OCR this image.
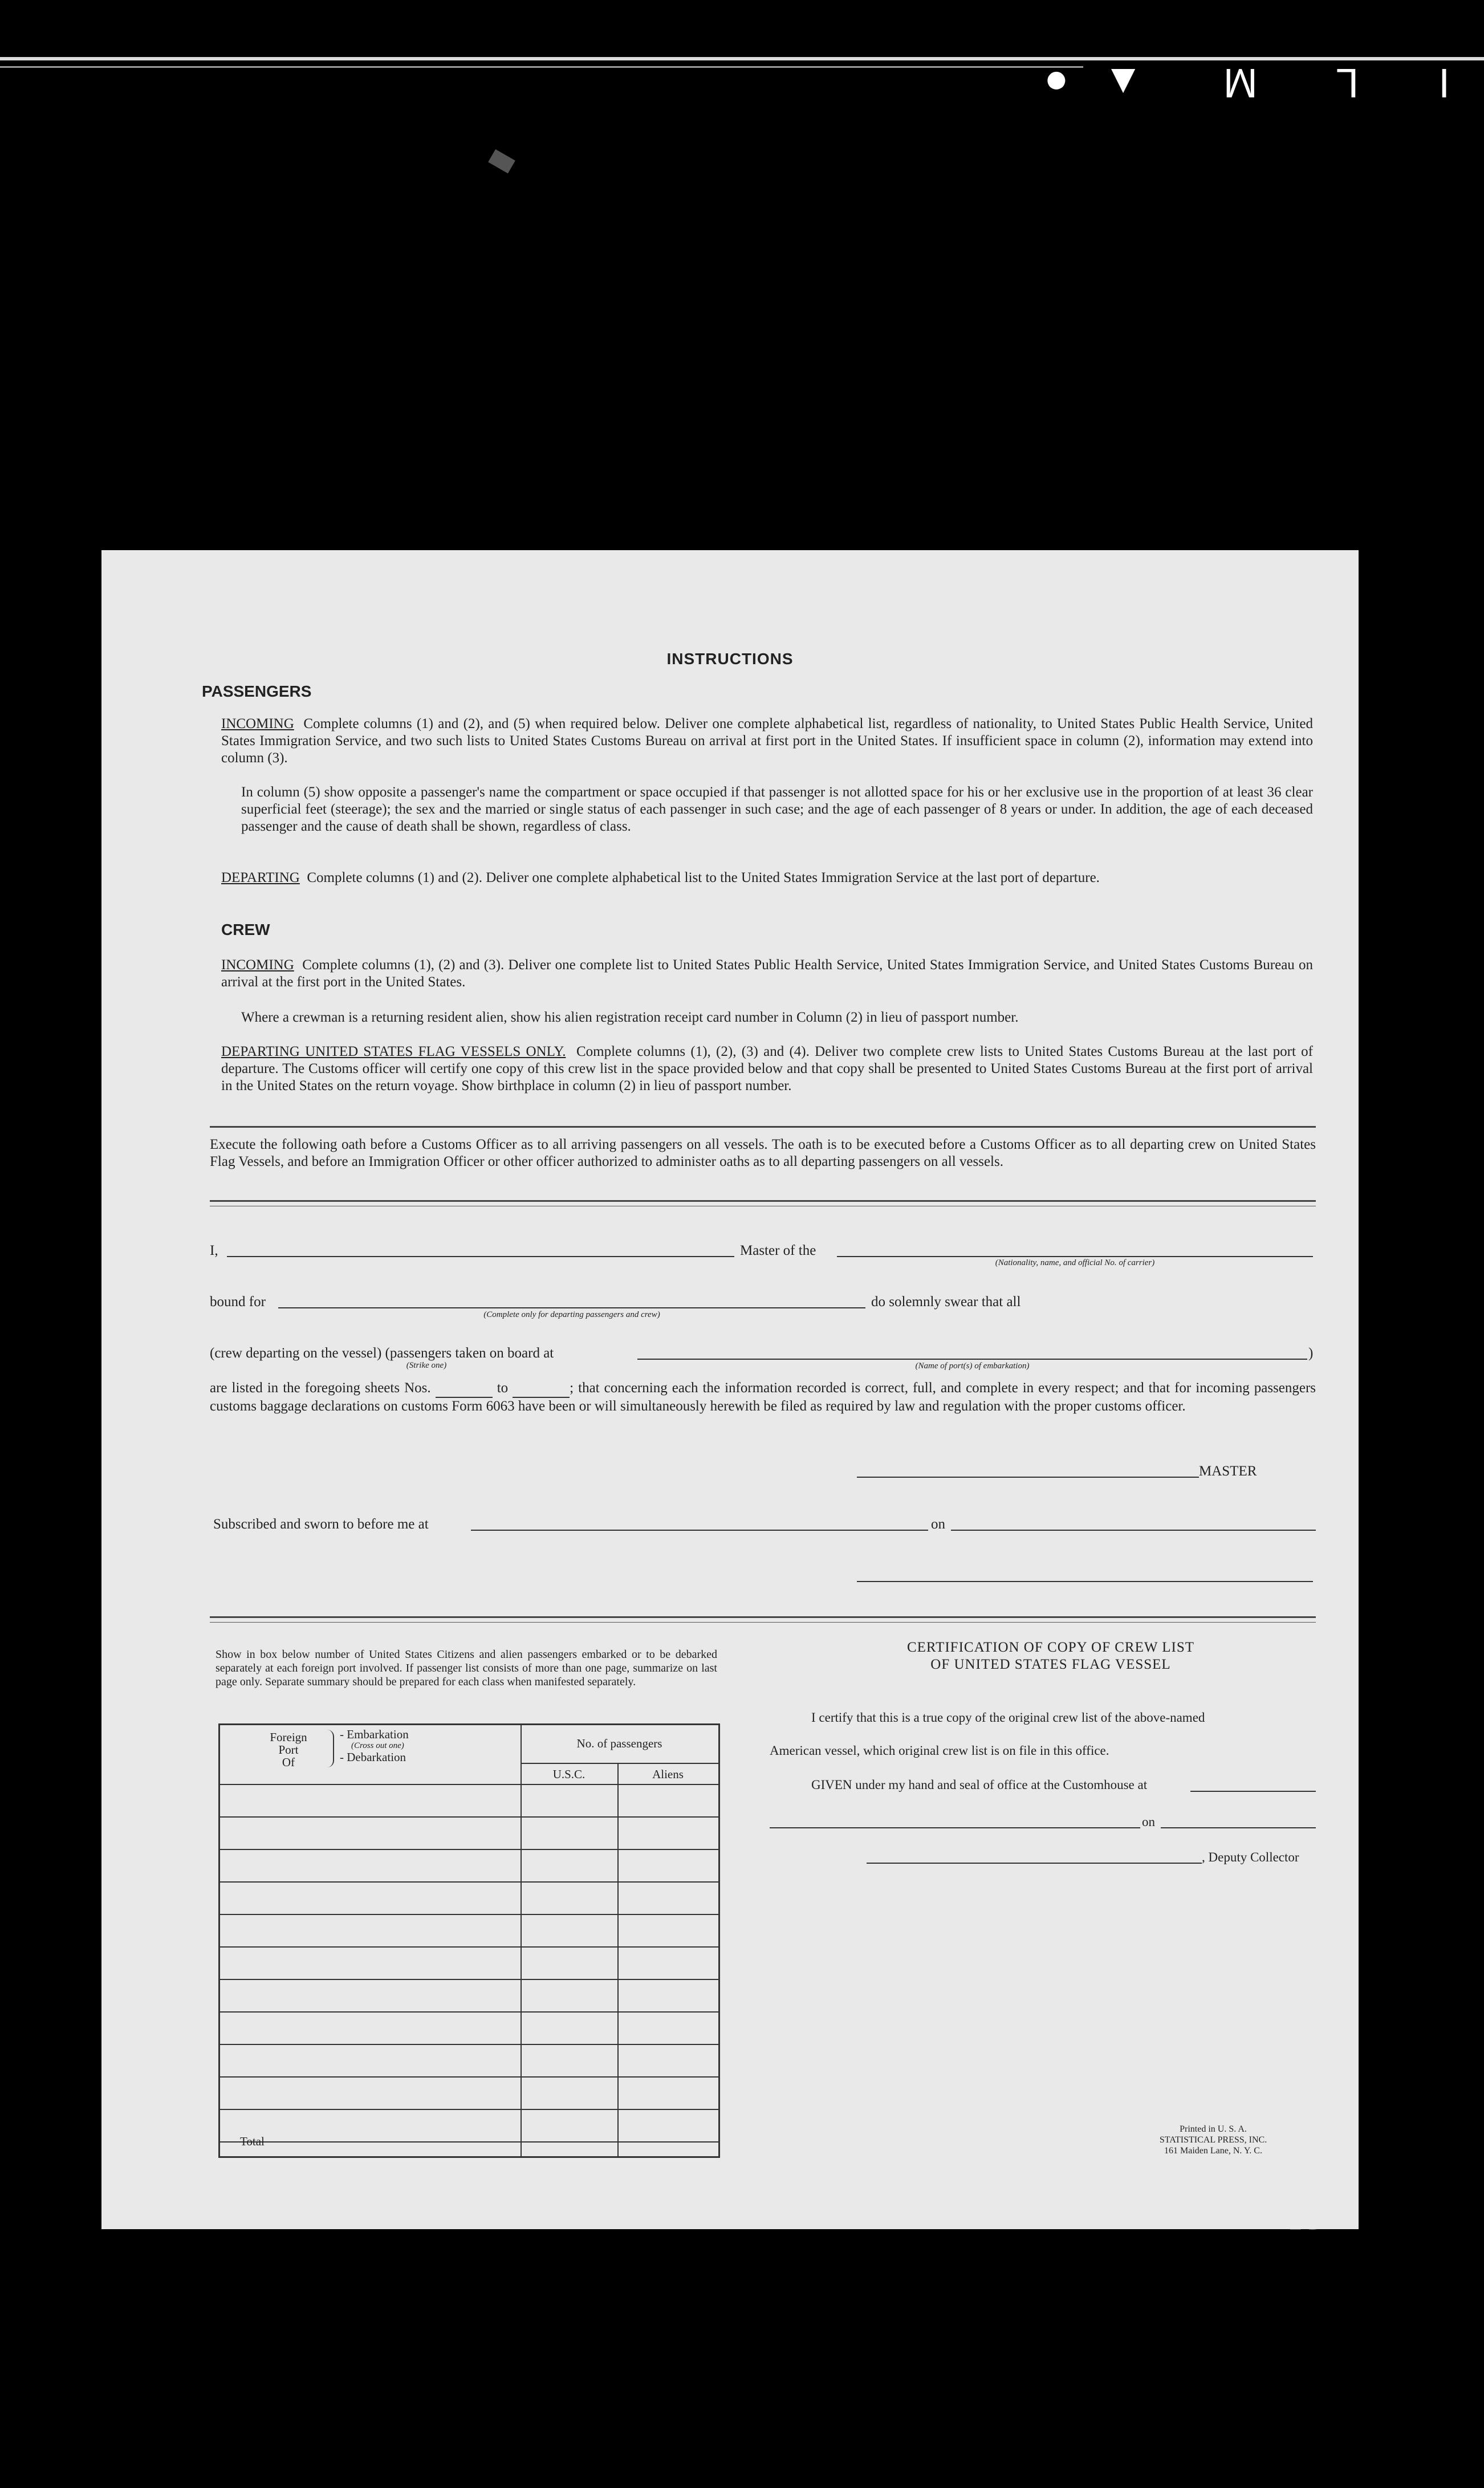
I L M ▲●
INSTRUCTIONS
PASSENGERS
INCOMING Complete columns (1) and (2), and (5) when required below. Deliver one complete alphabetical list, regardless of nationality, to United States Public Health Service, United States Immigration Service, and two such lists to United States Customs Bureau on arrival at first port in the United States. If insufficient space in column (2), information may extend into column (3).
In column (5) show opposite a passenger's name the compartment or space occupied if that passenger is not allotted space for his or her exclusive use in the proportion of at least 36 clear superficial feet (steerage); the sex and the married or single status of each passenger in such case; and the age of each passenger of 8 years or under. In addition, the age of each deceased passenger and the cause of death shall be shown, regardless of class.
DEPARTING Complete columns (1) and (2). Deliver one complete alphabetical list to the United States Immigration Service at the last port of departure.
CREW
INCOMING Complete columns (1), (2) and (3). Deliver one complete list to United States Public Health Service, United States Immigration Service, and United States Customs Bureau on arrival at the first port in the United States.
Where a crewman is a returning resident alien, show his alien registration receipt card number in Column (2) in lieu of passport number.
DEPARTING UNITED STATES FLAG VESSELS ONLY. Complete columns (1), (2), (3) and (4). Deliver two complete crew lists to United States Customs Bureau at the last port of departure. The Customs officer will certify one copy of this crew list in the space provided below and that copy shall be presented to United States Customs Bureau at the first port of arrival in the United States on the return voyage. Show birthplace in column (2) in lieu of passport number.
Execute the following oath before a Customs Officer as to all arriving passengers on all vessels. The oath is to be executed before a Customs Officer as to all departing crew on United States Flag Vessels, and before an Immigration Officer or other officer authorized to administer oaths as to all departing passengers on all vessels.
I,	Master of the
(Nationality, name, and official No. of carrier)
bound for
(Complete only for departing passengers and crew)
do solemnly swear that all
(crew departing on the vessel) (passengers taken on board at
(Strike one)
)
(Name of port(s) of embarkation)
are listed in the foregoing sheets Nos.	to	; that concerning each the information recorded is correct, full, and complete in every respect; and that for incoming passengers customs baggage declarations on customs Form 6063 have been or will simultaneously herewith be filed as required by law and regulation with the proper customs officer.
MASTER
Subscribed and sworn to before me at	on
Show in box below number of United States Citizens and alien passengers embarked or to be debarked separately at each foreign port involved. If passenger list consists of more than one page, summarize on last page only. Separate summary should be prepared for each class when manifested separately.
Foreign
Port
Of
- Embarkation
(Cross out one)
- Debarkation
No. of passengers
U.S.C.	Aliens
Total
CERTIFICATION OF COPY OF CREW LIST
OF UNITED STATES FLAG VESSEL
I certify that this is a true copy of the original crew list of the above-named
American vessel, which original crew list is on file in this office.
GIVEN under my hand and seal of office at the Customhouse at
on
, Deputy Collector
Printed in U. S. A.
STATISTICAL PRESS, INC.
161 Maiden Lane, N. Y. C.
